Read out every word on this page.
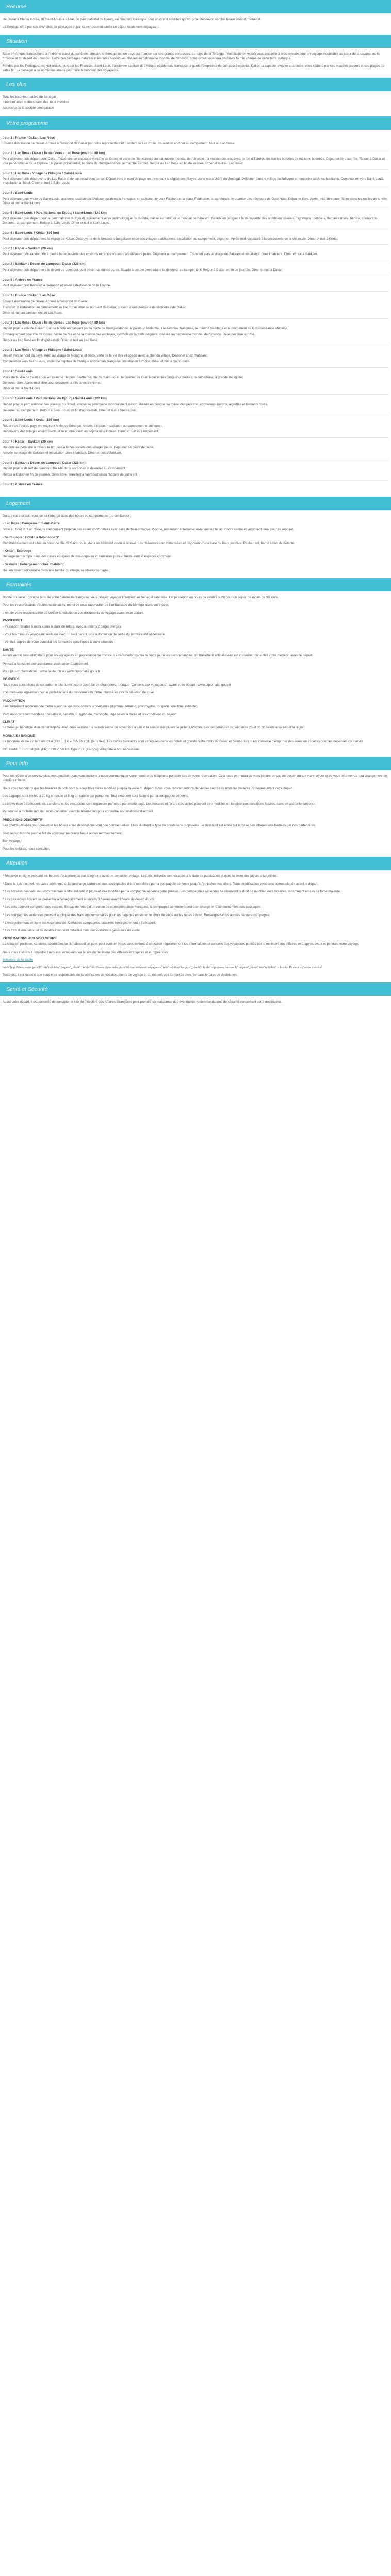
Résumé

De Dakar à l'île de Gorée, de Saint-Louis à Kédar, du parc national de Djoudj, un itinéraire classique pour un circuit équilibré qui vous fait découvrir les plus beaux sites du Sénégal.

Le Sénégal offre par ses diversités de paysages et par sa richesse culturelle un séjour totalement dépaysant.

Situation

Situé en Afrique francophone à l'extrême ouest du continent africain, le Sénégal est un pays qui marque par ses grands contrastes. Le pays de la Teranga (l'hospitalité en wolof) vous accueille à bras ouverts pour un voyage inoubliable au cœur de la savane, de la brousse et du désert du Lompoul. Entre ces paysages naturels et les sites historiques classés au patrimoine mondial de l'Unesco, notre circuit vous fera découvrir tout le charme de cette terre d'Afrique.

Fondée par les Portugais, les Hollandais, puis par les Français, Saint-Louis, l'ancienne capitale de l'Afrique occidentale française, a gardé l'empreinte de son passé colonial. Dakar, la capitale, vivante et animée, vous séduira par ses marchés colorés et ses plages de sable fin. Le Sénégal a de nombreux atouts pour faire le bonheur des voyageurs.

Les plus
Tous les incontournables du Sénégal
Itinéraire avec nuitées dans des lieux insolites
Approche de la société sénégalaise
Votre programme
Jour 1 : France / Dakar / Lac Rose

Envol à destination de Dakar. Accueil à l'aéroport de Dakar par notre représentant et transfert au Lac Rose. Installation et dîner au campement. Nuit au Lac Rose.

Jour 2 : Lac Rose / Dakar / Île de Gorée / Lac Rose (environ 80 km)

Petit déjeuner puis départ pour Dakar. Traversée en chaloupe vers l'île de Gorée et visite de l'île, classée au patrimoine mondial de l'Unesco : la maison des esclaves, le fort d'Estrées, les ruelles bordées de maisons colorées. Déjeuner libre sur l'île. Retour à Dakar et tour panoramique de la capitale : le palais présidentiel, la place de l'Indépendance, le marché Kermel. Retour au Lac Rose en fin de journée. Dîner et nuit au Lac Rose.

Jour 3 : Lac Rose / Village de Ndiagne / Saint-Louis

Petit déjeuner puis découverte du Lac Rose et de ses récolteurs de sel. Départ vers le nord du pays en traversant la région des Niayes, zone maraîchère du Sénégal. Déjeuner dans le village de Ndiagne et rencontre avec les habitants. Continuation vers Saint-Louis. Installation à l'hôtel. Dîner et nuit à Saint-Louis.

Jour 4 : Saint-Louis

Petit déjeuner puis visite de Saint-Louis, ancienne capitale de l'Afrique occidentale française, en calèche : le pont Faidherbe, la place Faidherbe, la cathédrale, le quartier des pêcheurs de Guet Ndar. Déjeuner libre. Après-midi libre pour flâner dans les ruelles de la ville. Dîner et nuit à Saint-Louis.

Jour 5 : Saint-Louis / Parc National du Djoudj / Saint-Louis (120 km)

Petit déjeuner puis départ pour le parc national du Djoudj, troisième réserve ornithologique du monde, classé au patrimoine mondial de l'Unesco. Balade en pirogue à la découverte des nombreux oiseaux migrateurs : pélicans, flamants roses, hérons, cormorans. Déjeuner au campement. Retour à Saint-Louis. Dîner et nuit à Saint-Louis.

Jour 6 : Saint-Louis / Kédar (195 km)

Petit déjeuner puis départ vers la région de Kédar. Découverte de la brousse sénégalaise et de ses villages traditionnels. Installation au campement, déjeuner. Après-midi consacré à la découverte de la vie locale. Dîner et nuit à Kédar.

Jour 7 : Kédar – Sakkam (20 km)

Petit déjeuner puis randonnée à pied à la découverte des environs et rencontre avec les éleveurs peuls. Déjeuner au campement. Transfert vers le village de Sakkam et installation chez l'habitant. Dîner et nuit à Sakkam.

Jour 8 : Sakkam / Désert de Lompoul / Dakar (228 km)

Petit déjeuner puis départ vers le désert de Lompoul, petit désert de dunes ocres. Balade à dos de dromadaire et déjeuner au campement. Retour à Dakar en fin de journée. Dîner et nuit à Dakar.

Jour 9 : Arrivée en France

Petit déjeuner puis transfert à l'aéroport et envol à destination de la France.

Jour 2 : France / Dakar / Lac Rose

Envol à destination de Dakar. Accueil à l'aéroport de Dakar.

Transfert et installation au campement au Lac Rose situé au nord-est de Dakar, présent à une trentaine de kilomètres de Dakar.

Dîner et nuit au campement au Lac Rose.

Jour 2 : Lac Rose / Dakar / Île de Gorée / Lac Rose (environ 80 km)

Départ pour la ville de Dakar. Tour de la ville en passant par la place de l'Indépendance, le palais Présidentiel, l'Assemblée Nationale, le marché Sandaga et le monument de la Renaissance africaine.

Embarquement pour l'île de Gorée. Visite de l'île et de la maison des esclaves, symbole de la traite négrière, classée au patrimoine mondial de l'Unesco. Déjeuner libre sur l'île.

Retour au Lac Rose en fin d'après-midi. Dîner et nuit au Lac Rose.

Jour 3 : Lac Rose / Village de Ndiagne / Saint-Louis

Départ vers le nord du pays. Arrêt au village de Ndiagne et découverte de la vie des villageois avec le chef du village. Déjeuner chez l'habitant.

Continuation vers Saint-Louis, ancienne capitale de l'Afrique occidentale française. Installation à l'hôtel. Dîner et nuit à Saint-Louis.

Jour 4 : Saint-Louis

Visite de la ville de Saint-Louis en calèche : le pont Faidherbe, l'île de Saint-Louis, le quartier de Guet Ndar et ses pirogues colorées, la cathédrale, la grande mosquée.

Déjeuner libre. Après-midi libre pour découvrir la ville à votre rythme.

Dîner et nuit à Saint-Louis.

Jour 5 : Saint-Louis / Parc National du Djoudj / Saint-Louis (120 km)

Départ pour le parc national des oiseaux du Djoudj, classé au patrimoine mondial de l'Unesco. Balade en pirogue au milieu des pélicans, cormorans, hérons, aigrettes et flamants roses.

Déjeuner au campement. Retour à Saint-Louis en fin d'après-midi. Dîner et nuit à Saint-Louis.

Jour 6 : Saint-Louis / Kédar (195 km)

Route vers l'est du pays en longeant le fleuve Sénégal. Arrivée à Kédar. Installation au campement et déjeuner.

Découverte des villages environnants et rencontre avec les populations locales. Dîner et nuit au campement.

Jour 7 : Kédar – Sakkam (20 km)

Randonnée pédestre à travers la brousse à la découverte des villages peuls. Déjeuner en cours de route.

Arrivée au village de Sakkam et installation chez l'habitant. Dîner et nuit à Sakkam.

Jour 8 : Sakkam / Désert de Lompoul / Dakar (228 km)

Départ pour le désert de Lompoul. Balade dans les dunes et déjeuner au campement.

Retour à Dakar en fin de journée. Dîner libre. Transfert à l'aéroport selon l'horaire de votre vol.

Jour 9 : Arrivée en France
Logement

Durant votre circuit, vous serez hébergé dans des hôtels ou campements (ou similaires) :

- Lac Rose : Campement Saint-Pierre

Situé au bord du Lac Rose, le campement propose des cases confortables avec salle de bain privative. Piscine, restaurant et terrasse avec vue sur le lac. Cadre calme et verdoyant idéal pour se reposer.

- Saint-Louis : Hôtel La Résidence 3*

Cet établissement est situé au cœur de l'île de Saint-Louis, dans un bâtiment colonial rénové. Les chambres sont climatisées et disposent d'une salle de bain privative. Restaurant, bar et salon de détente.

- Kédar : Écolodge

Hébergement simple dans des cases équipées de moustiquaire et sanitaires privés. Restaurant et espaces communs.

- Sakkam : Hébergement chez l'habitant

Nuit en case traditionnelle dans une famille du village, sanitaires partagés.

Formalités

Bonne nouvelle : Compte tenu de votre nationalité française, vous pouvez voyager librement au Sénégal sans visa. Un passeport en cours de validité suffit pour un séjour de moins de 90 jours.

Pour les ressortissants d'autres nationalités, merci de vous rapprocher de l'ambassade du Sénégal dans votre pays.

Il est de votre responsabilité de vérifier la validité de vos documents de voyage avant votre départ.

PASSEPORT

- Passeport valable 6 mois après la date de retour, avec au moins 2 pages vierges.

- Pour les mineurs voyageant seuls ou avec un seul parent, une autorisation de sortie du territoire est nécessaire.

- Vérifiez auprès de votre consulat les formalités spécifiques à votre situation.

SANTÉ

Aucun vaccin n'est obligatoire pour les voyageurs en provenance de France. La vaccination contre la fièvre jaune est recommandée. Un traitement antipaludéen est conseillé : consultez votre médecin avant le départ.

Pensez à souscrire une assurance assistance rapatriement.

Pour plus d'informations : www.pasteur.fr ou www.diplomatie.gouv.fr

CONSEILS

Nous vous conseillons de consulter le site du ministère des Affaires étrangères, rubrique "Conseils aux voyageurs", avant votre départ : www.diplomatie.gouv.fr

Inscrivez-vous également sur le portail Ariane du ministère afin d'être informé en cas de situation de crise.

VACCINATION

Il est fortement recommandé d'être à jour de vos vaccinations universelles (diphtérie, tétanos, poliomyélite, rougeole, oreillons, rubéole).

Vaccinations recommandées : hépatite A, hépatite B, typhoïde, méningite, rage selon la durée et les conditions du séjour.

CLIMAT

Le Sénégal bénéficie d'un climat tropical avec deux saisons : la saison sèche de novembre à juin et la saison des pluies de juillet à octobre. Les températures varient entre 25 et 35 °C selon la saison et la région.

MONNAIE / BANQUE

La monnaie locale est le franc CFA (XOF). 1 € = 655,96 XOF (taux fixe). Les cartes bancaires sont acceptées dans les hôtels et grands restaurants de Dakar et Saint-Louis. Il est conseillé d'emporter des euros en espèces pour les dépenses courantes.

COURANT ÉLECTRIQUE (FR) : 230 V, 50 Hz. Type C, E (Europe). Adaptateur non nécessaire.

Pour info

Pour bénéficier d'un service plus personnalisé, nous vous invitons à nous communiquer votre numéro de téléphone portable lors de votre réservation. Cela nous permettra de vous joindre en cas de besoin durant votre séjour et de vous informer de tout changement de dernière minute.

Nous vous rappelons que les horaires de vols sont susceptibles d'être modifiés jusqu'à la veille du départ. Nous vous recommandons de vérifier auprès de nous les horaires 72 heures avant votre départ.

Les bagages sont limités à 20 kg en soute et 5 kg en cabine par personne. Tout excédent sera facturé par la compagnie aérienne.

La conversion à l'aéroport, les transferts et les excursions sont organisés par notre partenaire local. Les horaires et l'ordre des visites peuvent être modifiés en fonction des conditions locales, sans en altérer le contenu.

Personnes à mobilité réduite : nous consulter avant la réservation pour connaître les conditions d'accueil.

PRÉCISIONS DESCRIPTIF

Les photos utilisées pour présenter les hôtels et les destinations sont non contractuelles. Elles illustrent le type de prestations proposées. Le descriptif est établi sur la base des informations fournies par nos partenaires.

Tout séjour écourté pour le fait du voyageur ne donne lieu à aucun remboursement.

Bon voyage !

Pour les enfants, nous consulter.

Attention

* Réserver en ligne pendant les heures d'ouverture ou par téléphone avec un conseiller voyage. Les prix indiqués sont valables à la date de publication et dans la limite des places disponibles.

* Dans le cas d'un vol, les taxes aériennes et la surcharge carburant sont susceptibles d'être modifiées par la compagnie aérienne jusqu'à l'émission des billets. Toute modification vous sera communiquée avant le départ.

* Les horaires des vols sont communiqués à titre indicatif et peuvent être modifiés par la compagnie aérienne sans préavis. Les compagnies aériennes se réservent le droit de modifier leurs horaires, notamment en cas de force majeure.

* Les passagers doivent se présenter à l'enregistrement au moins 3 heures avant l'heure de départ du vol.

* Les vols peuvent comporter des escales. En cas de retard d'un vol ou de correspondance manquée, la compagnie aérienne prendra en charge le réacheminement des passagers.

* Les compagnies aériennes peuvent appliquer des frais supplémentaires pour les bagages en soute, le choix du siège ou les repas à bord. Renseignez-vous auprès de votre compagnie.

* L'enregistrement en ligne est recommandé. Certaines compagnies facturent l'enregistrement à l'aéroport.

* Les frais d'annulation et de modification sont détaillés dans nos conditions générales de vente.

INFORMATIONS AUX VOYAGEURS

La situation politique, sanitaire, sécuritaire ou climatique d'un pays peut évoluer. Nous vous invitons à consulter régulièrement les informations et conseils aux voyageurs publiés par le ministère des Affaires étrangères avant et pendant votre voyage.

Nous vous invitons à consulter l'avis aux voyageurs sur le site du ministère des Affaires étrangères et européennes.

Ministère de la Santé

href="http://www.sante.gouv.fr" rel="nofollow" target="_blank" | href="http://www.diplomatie.gouv.fr/fr/conseils-aux-voyageurs" rel="nofollow" target="_blank" | href="http://www.pasteur.fr" target="_blank" rel="nofollow" – Institut Pasteur – Centre médical

Toutefois, il est rappelé que vous êtes responsable de la vérification de vos documents de voyage et du respect des formalités d'entrée dans le pays de destination.

Santé et Sécurité

Avant votre départ, il est conseillé de consulter le site du ministère des Affaires étrangères pour prendre connaissance des éventuelles recommandations de sécurité concernant votre destination.
